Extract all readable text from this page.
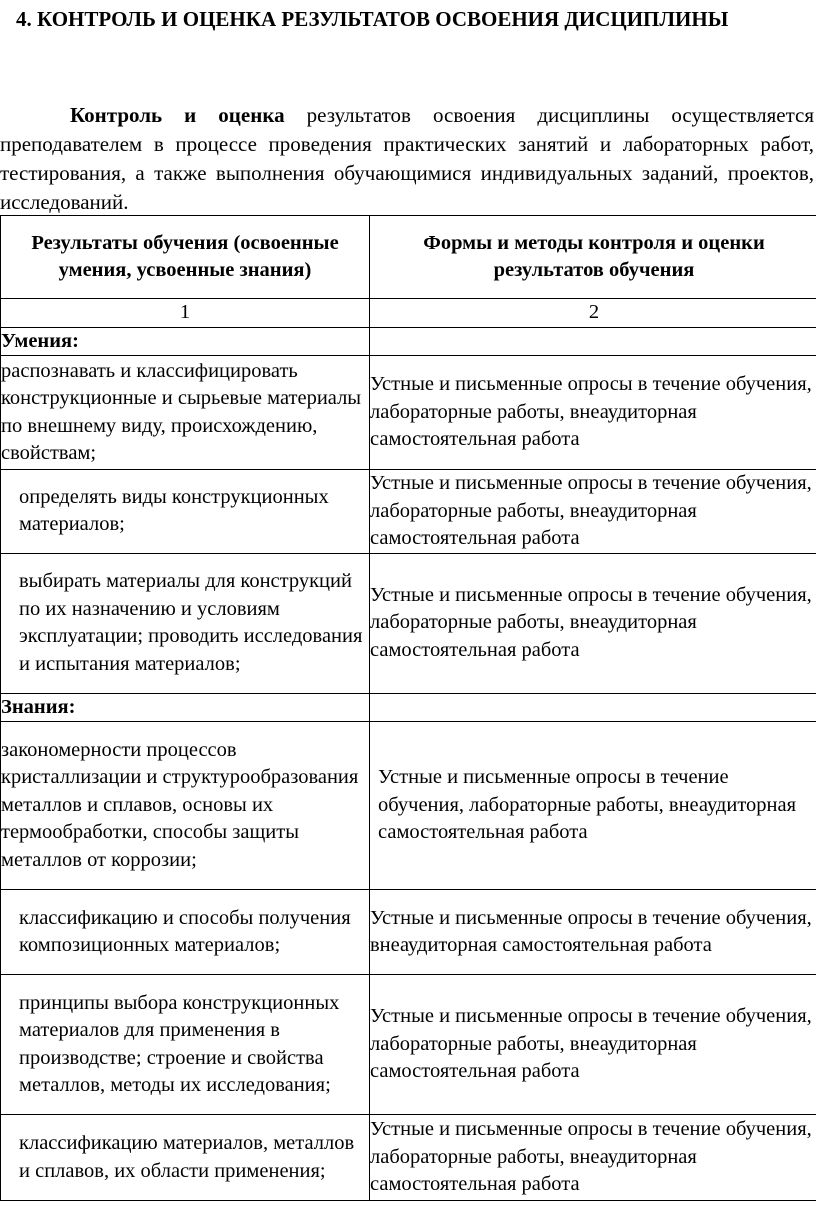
4. КОНТРОЛЬ И ОЦЕНКА РЕЗУЛЬТАТОВ ОСВОЕНИЯ ДИСЦИПЛИНЫ

Контроль и оценка результатов освоения дисциплины осуществляется преподавателем в процессе проведения практических занятий и лабораторных работ, тестирования, а также выполнения обучающимися индивидуальных заданий, проектов, исследований.

Результаты обучения (освоенные умения, усвоенные знания)	Формы и методы контроля и оценки результатов обучения
1	2
Умения:	
распознавать и классифицировать конструкционные и сырьевые материалы по внешнему виду, происхождению, свойствам;	Устные и письменные опросы в течение обучения, лабораторные работы, внеаудиторная самостоятельная работа
определять виды конструкционных материалов;	Устные и письменные опросы в течение обучения, лабораторные работы, внеаудиторная самостоятельная работа
выбирать материалы для конструкций по их назначению и условиям эксплуатации; проводить исследования и испытания материалов;	Устные и письменные опросы в течение обучения, лабораторные работы, внеаудиторная самостоятельная работа
Знания:	
закономерности процессов кристаллизации и структурообразования металлов и сплавов, основы их термообработки, способы защиты металлов от коррозии;	Устные и письменные опросы в течение обучения, лабораторные работы, внеаудиторная самостоятельная работа
классификацию и способы получения композиционных материалов;	Устные и письменные опросы в течение обучения, внеаудиторная самостоятельная работа
принципы выбора конструкционных материалов для применения в производстве; строение и свойства металлов, методы их исследования;	Устные и письменные опросы в течение обучения, лабораторные работы, внеаудиторная самостоятельная работа
классификацию материалов, металлов и сплавов, их области применения;	Устные и письменные опросы в течение обучения, лабораторные работы, внеаудиторная самостоятельная работа
